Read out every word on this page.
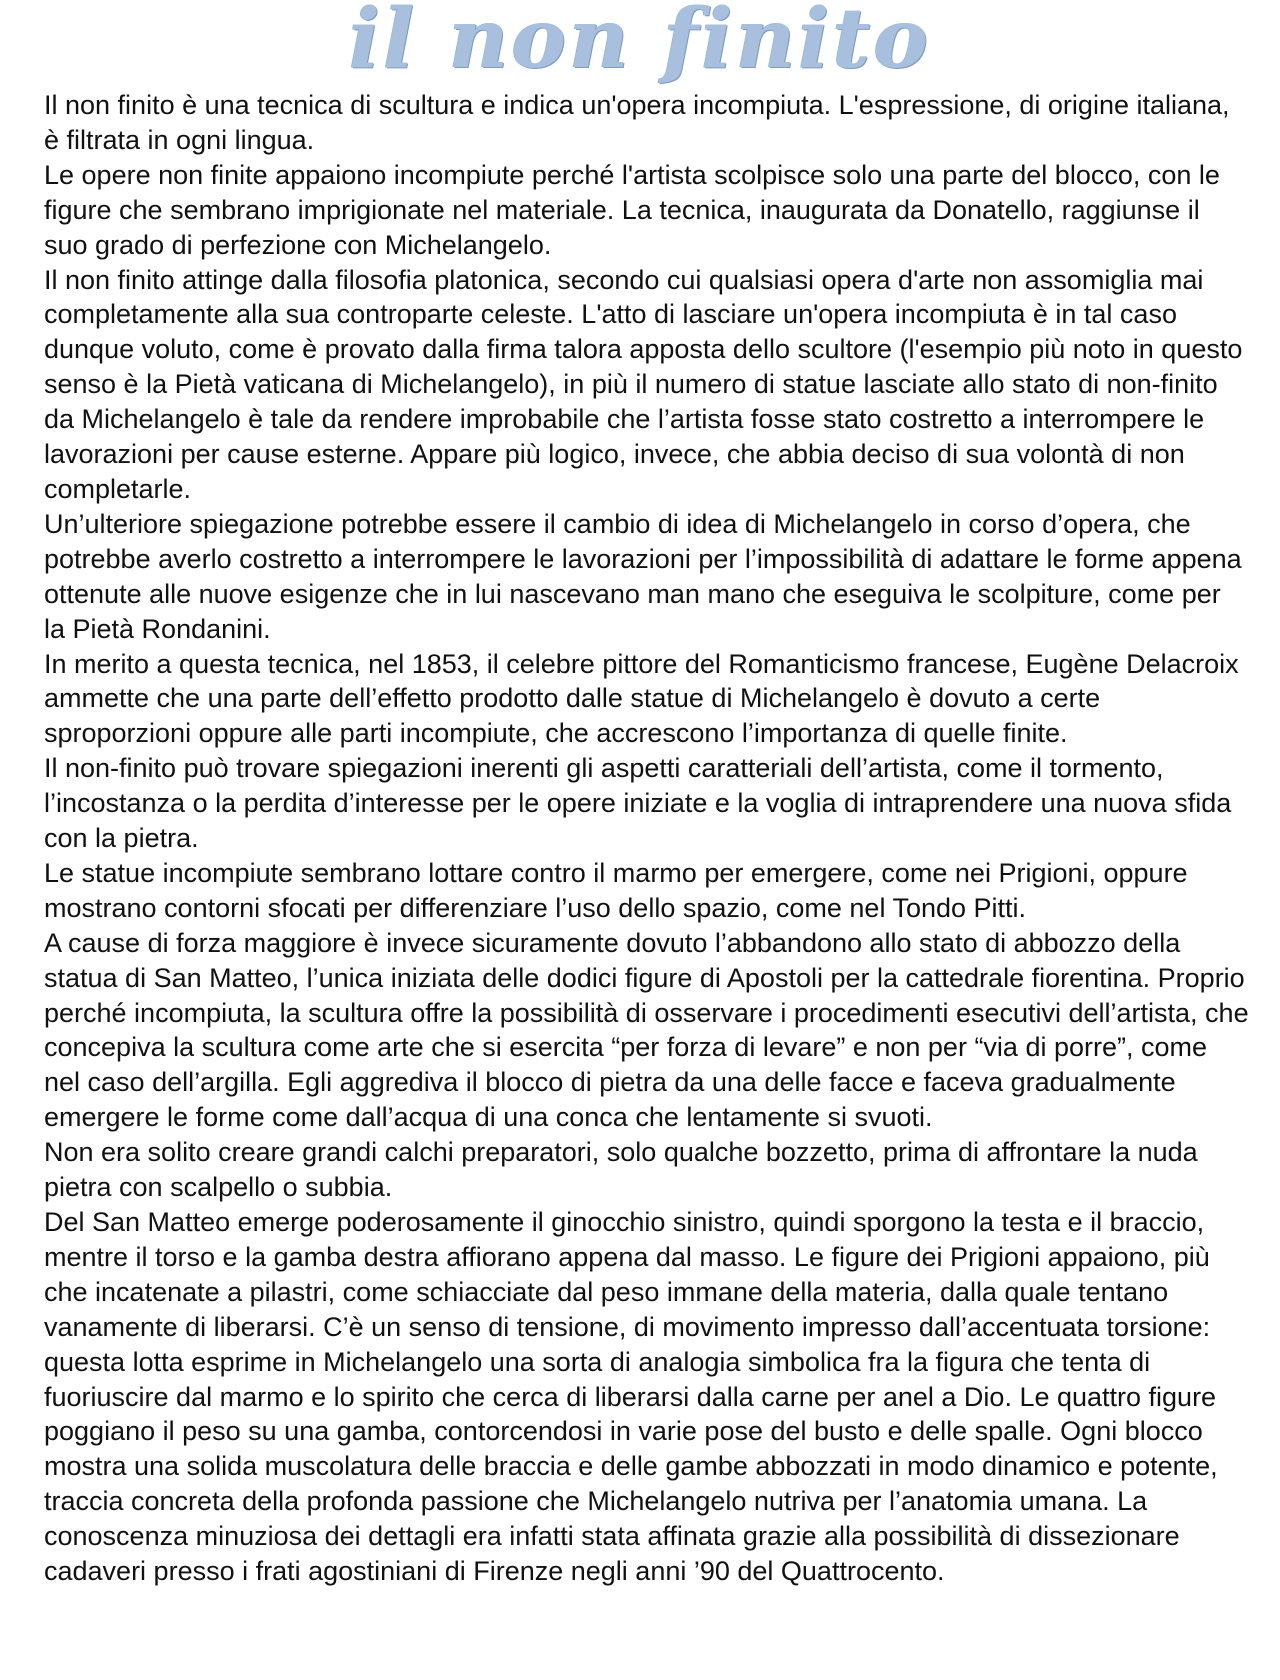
il non finito

Il non finito è una tecnica di scultura e indica un'opera incompiuta. L'espressione, di origine italiana, è filtrata in ogni lingua.

Le opere non finite appaiono incompiute perché l'artista scolpisce solo una parte del blocco, con le figure che sembrano imprigionate nel materiale. La tecnica, inaugurata da Donatello, raggiunse il suo grado di perfezione con Michelangelo.

Il non finito attinge dalla filosofia platonica, secondo cui qualsiasi opera d'arte non assomiglia mai completamente alla sua controparte celeste. L'atto di lasciare un'opera incompiuta è in tal caso dunque voluto, come è provato dalla firma talora apposta dello scultore (l'esempio più noto in questo senso è la Pietà vaticana di Michelangelo), in più il numero di statue lasciate allo stato di non-finito da Michelangelo è tale da rendere improbabile che l’artista fosse stato costretto a interrompere le lavorazioni per cause esterne. Appare più logico, invece, che abbia deciso di sua volontà di non completarle.

Un’ulteriore spiegazione potrebbe essere il cambio di idea di Michelangelo in corso d’opera, che potrebbe averlo costretto a interrompere le lavorazioni per l’impossibilità di adattare le forme appena ottenute alle nuove esigenze che in lui nascevano man mano che eseguiva le scolpiture, come per la Pietà Rondanini.

In merito a questa tecnica, nel 1853, il celebre pittore del Romanticismo francese, Eugène Delacroix ammette che una parte dell’effetto prodotto dalle statue di Michelangelo è dovuto a certe sproporzioni oppure alle parti incompiute, che accrescono l’importanza di quelle finite.

Il non-finito può trovare spiegazioni inerenti gli aspetti caratteriali dell’artista, come il tormento, l’incostanza o la perdita d’interesse per le opere iniziate e la voglia di intraprendere una nuova sfida con la pietra.

Le statue incompiute sembrano lottare contro il marmo per emergere, come nei Prigioni, oppure mostrano contorni sfocati per differenziare l’uso dello spazio, come nel Tondo Pitti.

A cause di forza maggiore è invece sicuramente dovuto l’abbandono allo stato di abbozzo della statua di San Matteo, l’unica iniziata delle dodici figure di Apostoli per la cattedrale fiorentina. Proprio perché incompiuta, la scultura offre la possibilità di osservare i procedimenti esecutivi dell’artista, che concepiva la scultura come arte che si esercita “per forza di levare” e non per “via di porre”, come nel caso dell’argilla. Egli aggrediva il blocco di pietra da una delle facce e faceva gradualmente emergere le forme come dall’acqua di una conca che lentamente si svuoti.

Non era solito creare grandi calchi preparatori, solo qualche bozzetto, prima di affrontare la nuda pietra con scalpello o subbia.

Del San Matteo emerge poderosamente il ginocchio sinistro, quindi sporgono la testa e il braccio, mentre il torso e la gamba destra affiorano appena dal masso. Le figure dei Prigioni appaiono, più che incatenate a pilastri, come schiacciate dal peso immane della materia, dalla quale tentano vanamente di liberarsi. C’è un senso di tensione, di movimento impresso dall’accentuata torsione: questa lotta esprime in Michelangelo una sorta di analogia simbolica fra la figura che tenta di fuoriuscire dal marmo e lo spirito che cerca di liberarsi dalla carne per anel a Dio. Le quattro figure poggiano il peso su una gamba, contorcendosi in varie pose del busto e delle spalle. Ogni blocco mostra una solida muscolatura delle braccia e delle gambe abbozzati in modo dinamico e potente, traccia concreta della profonda passione che Michelangelo nutriva per l’anatomia umana. La conoscenza minuziosa dei dettagli era infatti stata affinata grazie alla possibilità di dissezionare cadaveri presso i frati agostiniani di Firenze negli anni ’90 del Quattrocento.
